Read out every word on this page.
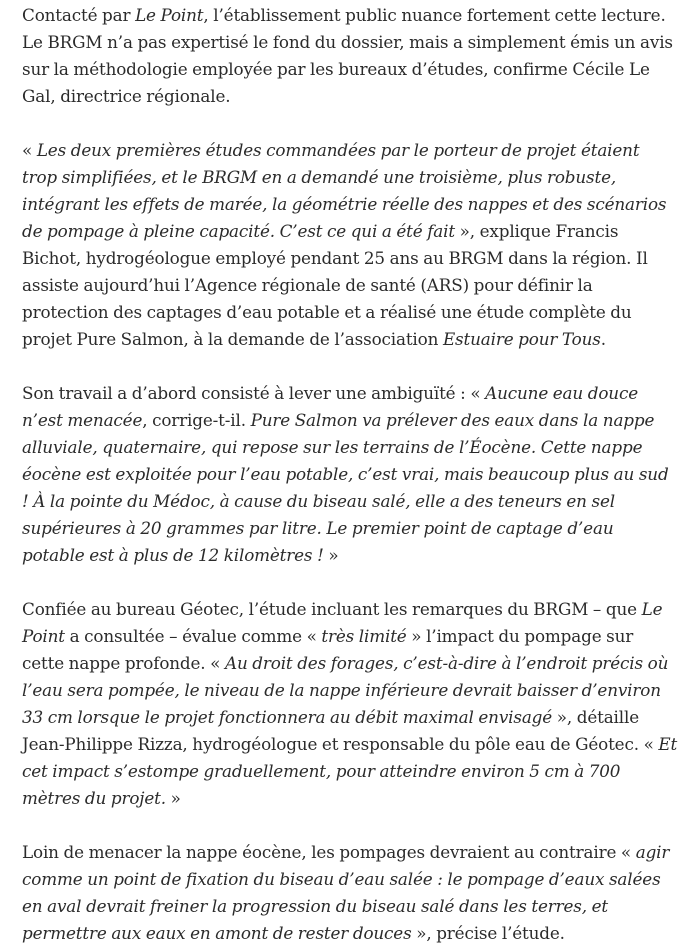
Contacté par Le Point, l’établissement public nuance fortement cette lecture. Le BRGM n’a pas expertisé le fond du dossier, mais a simplement émis un avis sur la méthodologie employée par les bureaux d’études, confirme Cécile Le Gal, directrice régionale.

« Les deux premières études commandées par le porteur de projet étaient trop simplifiées, et le BRGM en a demandé une troisième, plus robuste, intégrant les effets de marée, la géométrie réelle des nappes et des scénarios de pompage à pleine capacité. C’est ce qui a été fait », explique Francis Bichot, hydrogéologue employé pendant 25 ans au BRGM dans la région. Il assiste aujourd’hui l’Agence régionale de santé (ARS) pour définir la protection des captages d’eau potable et a réalisé une étude complète du projet Pure Salmon, à la demande de l’association Estuaire pour Tous.

Son travail a d’abord consisté à lever une ambiguïté : « Aucune eau douce n’est menacée, corrige-t-il. Pure Salmon va prélever des eaux dans la nappe alluviale, quaternaire, qui repose sur les terrains de l’Éocène. Cette nappe éocène est exploitée pour l’eau potable, c’est vrai, mais beaucoup plus au sud ! À la pointe du Médoc, à cause du biseau salé, elle a des teneurs en sel supérieures à 20 grammes par litre. Le premier point de captage d’eau potable est à plus de 12 kilomètres ! »

Confiée au bureau Géotec, l’étude incluant les remarques du BRGM – que Le Point a consultée – évalue comme « très limité » l’impact du pompage sur cette nappe profonde. « Au droit des forages, c’est-à-dire à l’endroit précis où l’eau sera pompée, le niveau de la nappe inférieure devrait baisser d’environ 33 cm lorsque le projet fonctionnera au débit maximal envisagé », détaille Jean-Philippe Rizza, hydrogéologue et responsable du pôle eau de Géotec. « Et cet impact s’estompe graduellement, pour atteindre environ 5 cm à 700 mètres du projet. »

Loin de menacer la nappe éocène, les pompages devraient au contraire « agir comme un point de fixation du biseau d’eau salée : le pompage d’eaux salées en aval devrait freiner la progression du biseau salé dans les terres, et permettre aux eaux en amont de rester douces », précise l’étude.
